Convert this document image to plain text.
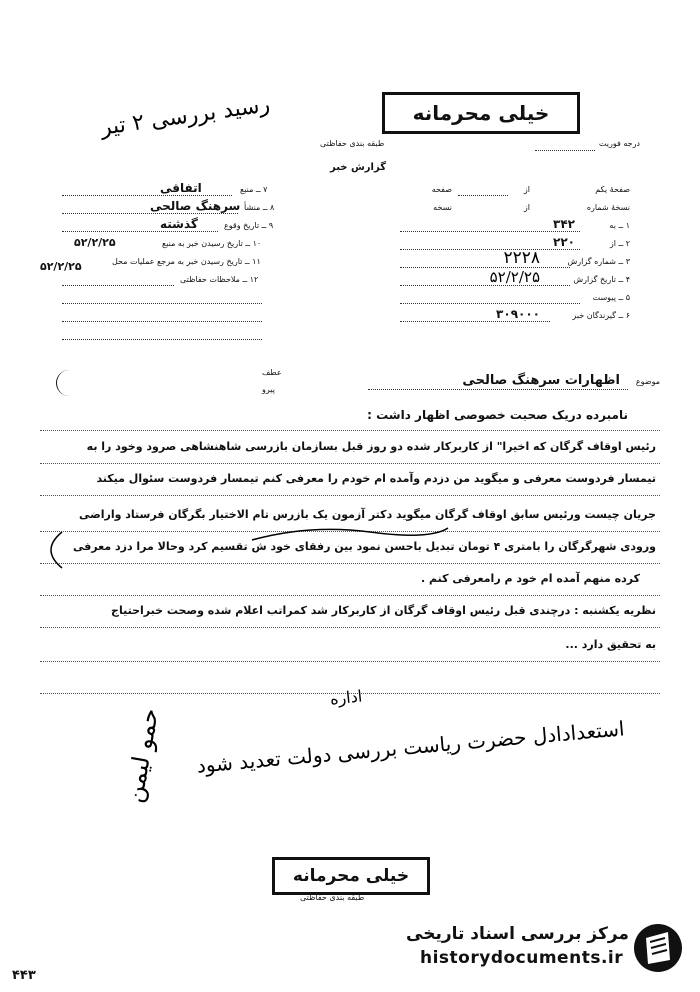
رسید بررسی ۲ تیر	خیلی محرمانه
درجه فوریت
طبقه بندی حفاظتی
گزارش خبر
صفحهٔ یکم
از
صفحه
نسخهٔ شماره
از
نسخه
۱ ــ به
۳۴۲
۲ ــ از
۲۲۰
۳ ــ شماره گزارش
۲۲۲۸
۴ ــ تاریخ گزارش
۵۲/۲/۲۵
۵ ــ پیوست
۶ ــ گیرندگان خبر
۳۰۹۰۰۰
۷ ــ منبع
اتفاقی
۸ ــ منشأ
سرهنگ صالحی
۹ ــ تاریخ وقوع
گذشته
۱۰ ــ تاریخ رسیدن خبر به منبع
۵۲/۲/۲۵
۱۱ ــ تاریخ رسیدن خبر به مرجع عملیات محل
۵۲/۲/۲۵
۱۲ ــ ملاحظات حفاظتی
موضوع
اظهارات سرهنگ صالحی
عطف
پیرو
نامبرده دریک صحبت خصوصی اظهار داشت :
رئیس اوقاف گرگان که اخیرا" از کاربرکار شده دو روز قبل بسازمان بازرسی شاهنشاهی صرود وخود را به
تیمسار فردوست معرفی و میگوید من دزدم وآمده ام خودم را معرفی کنم تیمسار فردوست سئوال میکند
جریان چیست ورئیس سابق اوقاف گرگان میگوید دکتر آزمون یک بازرس تام الاختیار بگرگان فرستاد واراضی
ورودی شهرگرگان را بامتری ۴ تومان تبدیل باحسن نمود بین رفقای خود ش تقسیم کرد وحالا مرا دزد معرفی
کرده منهم آمده ام خود م رامعرفی کنم .
نظریه یکشنبه : درچندی قبل رئیس اوقاف گرگان از کاربرکار شد کمراتب اعلام شده وصحت خبراحتیاج
به تحقیق دارد ...
اداره
استعدادادل حضرت ریاست بررسی دولت تعدید شود
حمو لیمن
خیلی محرمانه
طبقه بندی حفاظتی
۴۴۳
مرکز بررسی اسناد تاریخی
historydocuments.ir
